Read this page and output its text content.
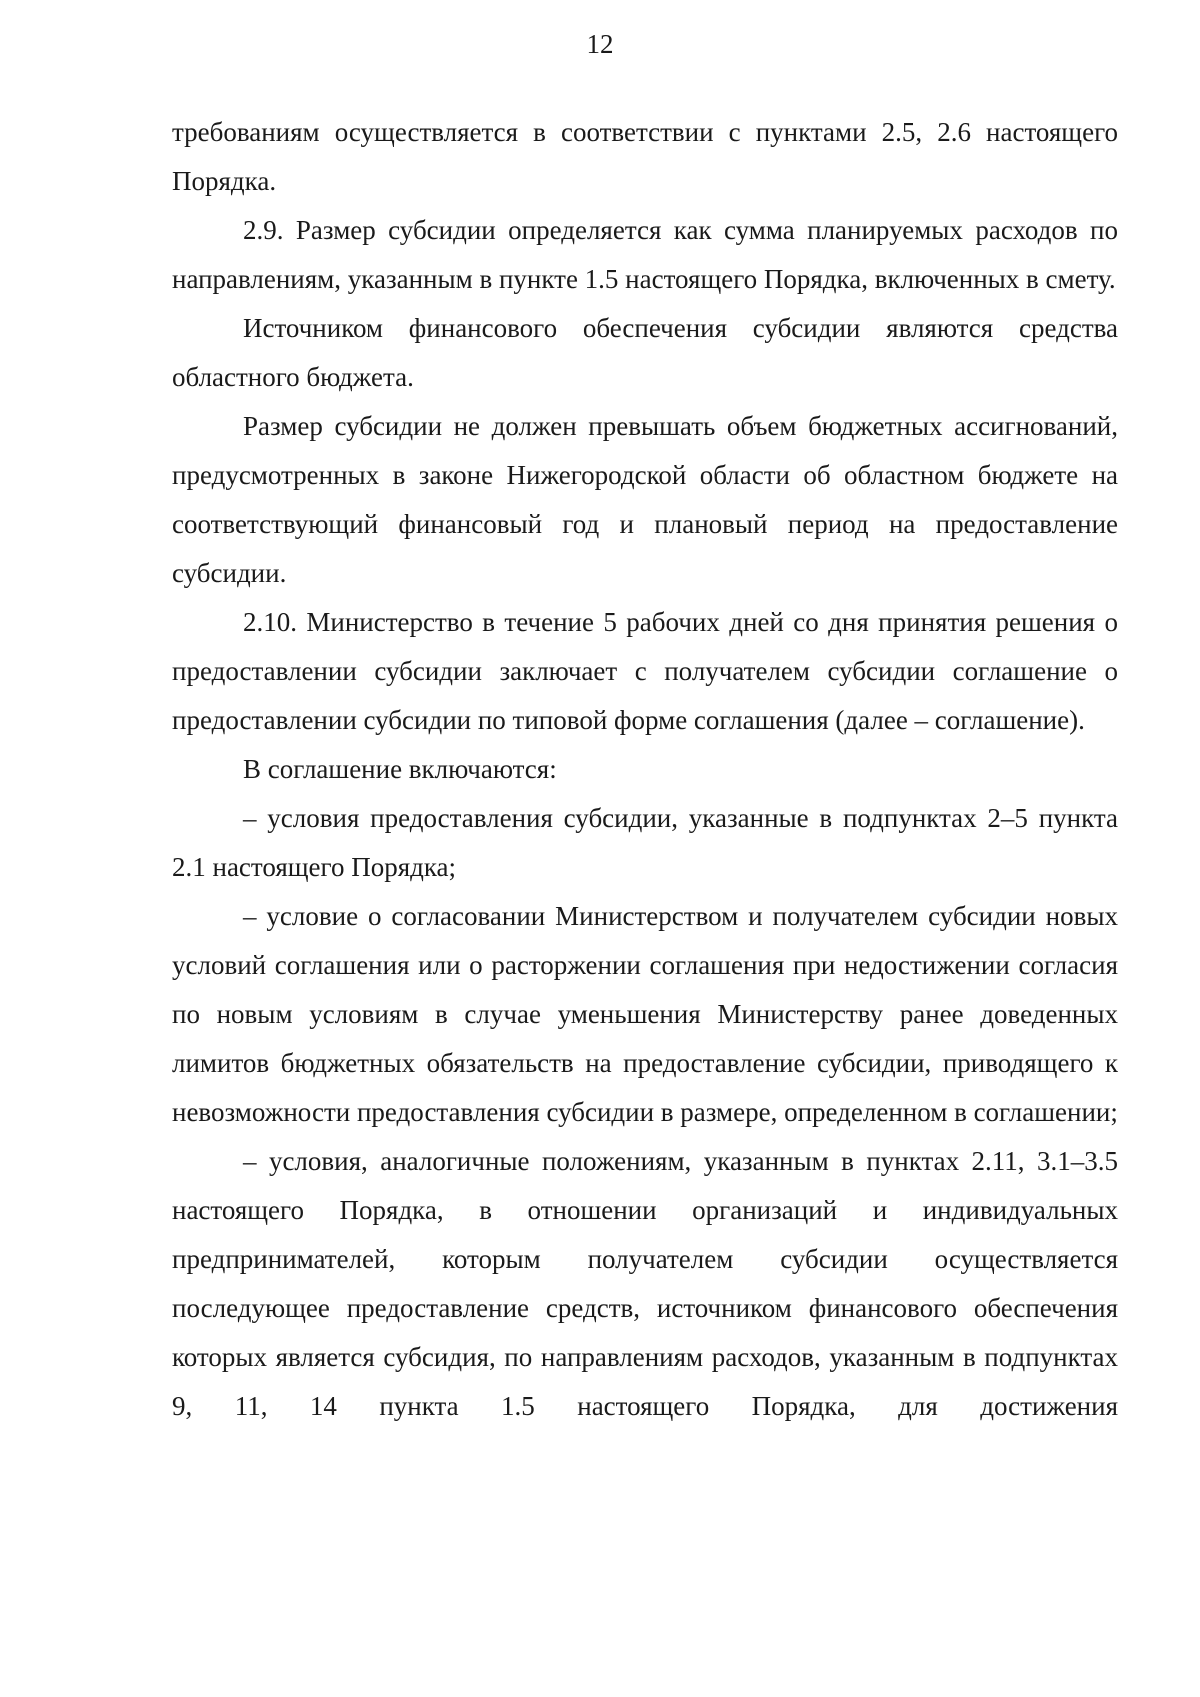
12

требованиям осуществляется в соответствии с пунктами 2.5, 2.6 настоящего Порядка.

2.9. Размер субсидии определяется как сумма планируемых расходов по направлениям, указанным в пункте 1.5 настоящего Порядка, включенных в смету.

Источником финансового обеспечения субсидии являются средства областного бюджета.

Размер субсидии не должен превышать объем бюджетных ассигнований, предусмотренных в законе Нижегородской области об областном бюджете на соответствующий финансовый год и плановый период на предоставление субсидии.

2.10. Министерство в течение 5 рабочих дней со дня принятия решения о предоставлении субсидии заключает с получателем субсидии соглашение о предоставлении субсидии по типовой форме соглашения (далее – соглашение).

В соглашение включаются:

– условия предоставления субсидии, указанные в подпунктах 2–5 пункта 2.1 настоящего Порядка;

– условие о согласовании Министерством и получателем субсидии новых условий соглашения или о расторжении соглашения при недостижении согласия по новым условиям в случае уменьшения Министерству ранее доведенных лимитов бюджетных обязательств на предоставление субсидии, приводящего к невозможности предоставления субсидии в размере, определенном в соглашении;

– условия, аналогичные положениям, указанным в пунктах 2.11, 3.1–3.5 настоящего Порядка, в отношении организаций и индивидуальных предпринимателей, которым получателем субсидии осуществляется последующее предоставление средств, источником финансового обеспечения которых является субсидия, по направлениям расходов, указанным в подпунктах 9, 11, 14 пункта 1.5 настоящего Порядка, для достижения
